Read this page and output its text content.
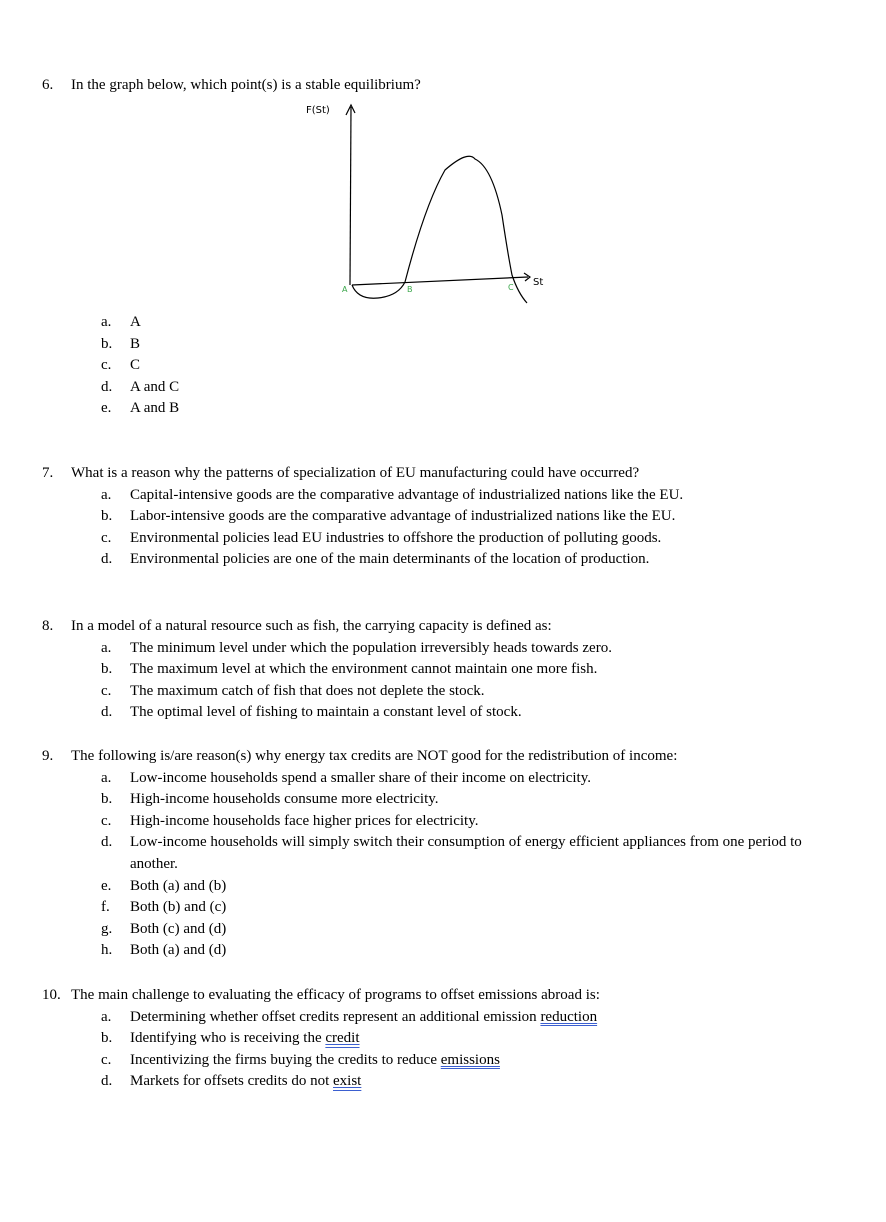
6. In the graph below, which point(s) is a stable equilibrium?
F(St)
St
A	B	C
a. A
b. B
c. C
d. A and C
e. A and B
7. What is a reason why the patterns of specialization of EU manufacturing could have occurred?
a. Capital-intensive goods are the comparative advantage of industrialized nations like the EU.
b. Labor-intensive goods are the comparative advantage of industrialized nations like the EU.
c. Environmental policies lead EU industries to offshore the production of polluting goods.
d. Environmental policies are one of the main determinants of the location of production.
8. In a model of a natural resource such as fish, the carrying capacity is defined as:
a. The minimum level under which the population irreversibly heads towards zero.
b. The maximum level at which the environment cannot maintain one more fish.
c. The maximum catch of fish that does not deplete the stock.
d. The optimal level of fishing to maintain a constant level of stock.
9. The following is/are reason(s) why energy tax credits are NOT good for the redistribution of income:
a. Low-income households spend a smaller share of their income on electricity.
b. High-income households consume more electricity.
c. High-income households face higher prices for electricity.
d. Low-income households will simply switch their consumption of energy efficient appliances from one period to
another.
e. Both (a) and (b)
f. Both (b) and (c)
g. Both (c) and (d)
h. Both (a) and (d)
10. The main challenge to evaluating the efficacy of programs to offset emissions abroad is:
a. Determining whether offset credits represent an additional emission reduction
b. Identifying who is receiving the credit
c. Incentivizing the firms buying the credits to reduce emissions
d. Markets for offsets credits do not exist
